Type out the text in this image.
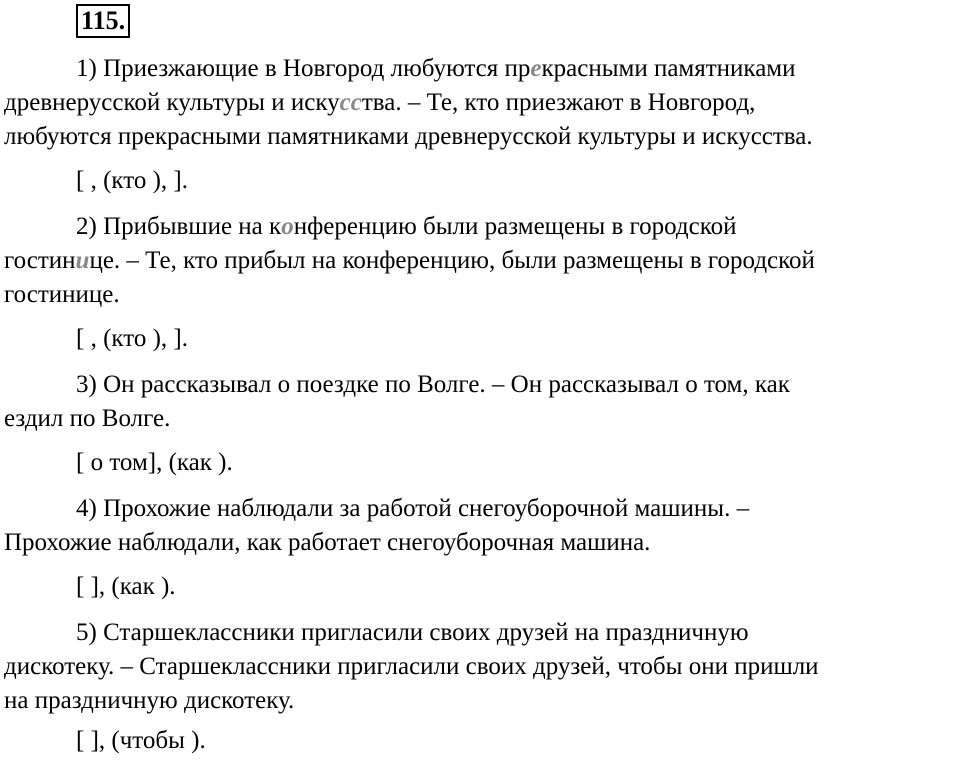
115.

1) Приезжающие в Новгород любуются прекрасными памятниками
древнерусской культуры и искусства. – Те, кто приезжают в Новгород,
любуются прекрасными памятниками древнерусской культуры и искусства.

[ , (кто ), ].

2) Прибывшие на конференцию были размещены в городской
гостинице. – Те, кто прибыл на конференцию, были размещены в городской
гостинице.

[ , (кто ), ].

3) Он рассказывал о поездке по Волге. – Он рассказывал о том, как
ездил по Волге.

[ о том], (как ).

4) Прохожие наблюдали за работой снегоуборочной машины. –
Прохожие наблюдали, как работает снегоуборочная машина.

[ ], (как ).

5) Старшеклассники пригласили своих друзей на праздничную
дискотеку. – Старшеклассники пригласили своих друзей, чтобы они пришли
на праздничную дискотеку.

[ ], (чтобы ).
